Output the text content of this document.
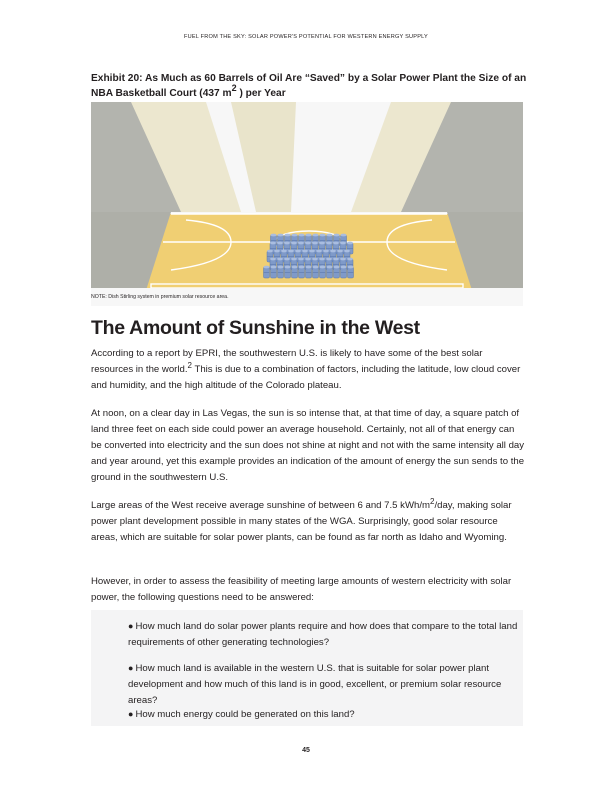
FUEL FROM THE SKY: SOLAR POWER'S POTENTIAL FOR WESTERN ENERGY SUPPLY
Exhibit 20: As Much as 60 Barrels of Oil Are “Saved” by a Solar Power Plant the Size of an NBA Basketball Court (437 $m^2$ ) per Year
NOTE: Dish Stirling system in premium solar resource area.
The Amount of Sunshine in the West

According to a report by EPRI, the southwestern U.S. is likely to have some of the best solar resources in the world.$^2$ This is due to a combination of factors, including the latitude, low cloud cover and humidity, and the high altitude of the Colorado plateau.

At noon, on a clear day in Las Vegas, the sun is so intense that, at that time of day, a square patch of land three feet on each side could power an average household. Certainly, not all of that energy can be converted into electricity and the sun does not shine at night and not with the same intensity all day and year around, yet this example provides an indication of the amount of energy the sun sends to the ground in the southwestern U.S.

Large areas of the West receive average sunshine of between 6 and 7.5 kWh/$m^2$/day, making solar power plant development possible in many states of the WGA. Surprisingly, good solar resource areas, which are suitable for solar power plants, can be found as far north as Idaho and Wyoming.

However, in order to assess the feasibility of meeting large amounts of western electricity with solar power, the following questions need to be answered:

● How much land do solar power plants require and how does that compare to the total land requirements of other generating technologies?
● How much land is available in the western U.S. that is suitable for solar power plant development and how much of this land is in good, excellent, or premium solar resource areas?
● How much energy could be generated on this land?
45
